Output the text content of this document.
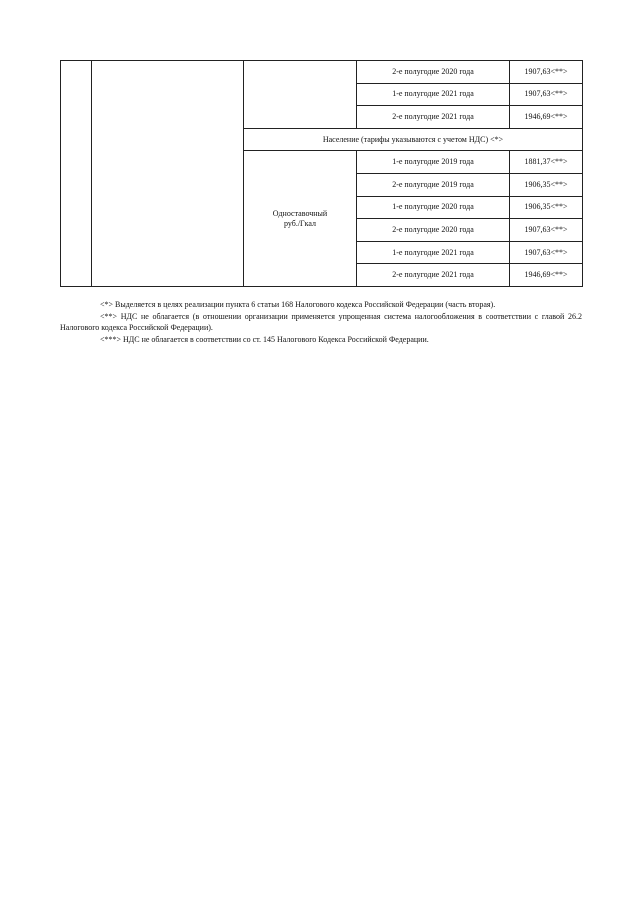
			2-е полугодие 2020 года	1907,63<**>
			1-е полугодие 2021 года	1907,63<**>
			2-е полугодие 2021 года	1946,69<**>
		Население (тарифы указываются с учетом НДС) <*>		
		Одноставочный
руб./Гкал	1-е полугодие 2019 года	1881,37<**>
			2-е полугодие 2019 года	1906,35<**>
			1-е полугодие 2020 года	1906,35<**>
			2-е полугодие 2020 года	1907,63<**>
			1-е полугодие 2021 года	1907,63<**>
			2-е полугодие 2021 года	1946,69<**>

<*> Выделяется в целях реализации пункта 6 статьи 168 Налогового кодекса Российской Федерации (часть вторая).

<**> НДС не облагается (в отношении организации применяется упрощенная система налогообложения в соответствии с главой 26.2 Налогового кодекса Российской Федерации).

<***> НДС не облагается в соответствии со ст. 145 Налогового Кодекса Российской Федерации.
